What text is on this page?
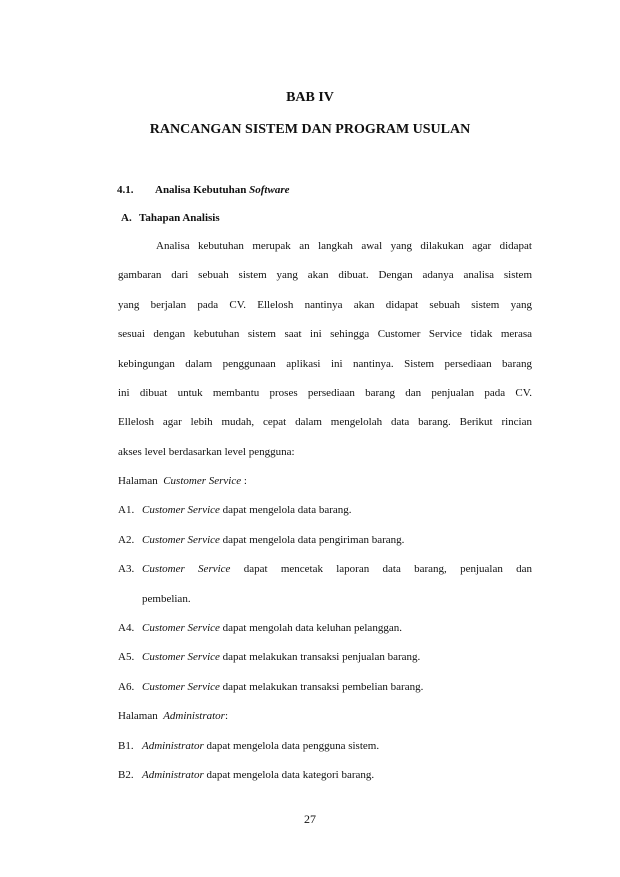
BAB IV
RANCANGAN SISTEM DAN PROGRAM USULAN
4.1. Analisa Kebutuhan Software
A. Tahapan Analisis
Analisa kebutuhan merupak an langkah awal yang dilakukan agar didapat
gambaran dari sebuah sistem yang akan dibuat. Dengan adanya analisa sistem
yang berjalan pada CV. Ellelosh nantinya akan didapat sebuah sistem yang
sesuai dengan kebutuhan sistem saat ini sehingga Customer Service tidak merasa
kebingungan dalam penggunaan aplikasi ini nantinya. Sistem persediaan barang
ini dibuat untuk membantu proses persediaan barang dan penjualan pada CV.
Ellelosh agar lebih mudah, cepat dalam mengelolah data barang. Berikut rincian
akses level berdasarkan level pengguna:
Halaman Customer Service :
A1. Customer Service dapat mengelola data barang.
A2. Customer Service dapat mengelola data pengiriman barang.
A3. Customer Service dapat mencetak laporan data barang, penjualan dan
pembelian.
A4. Customer Service dapat mengolah data keluhan pelanggan.
A5. Customer Service dapat melakukan transaksi penjualan barang.
A6. Customer Service dapat melakukan transaksi pembelian barang.
Halaman Administrator:
B1. Administrator dapat mengelola data pengguna sistem.
B2. Administrator dapat mengelola data kategori barang.
27
